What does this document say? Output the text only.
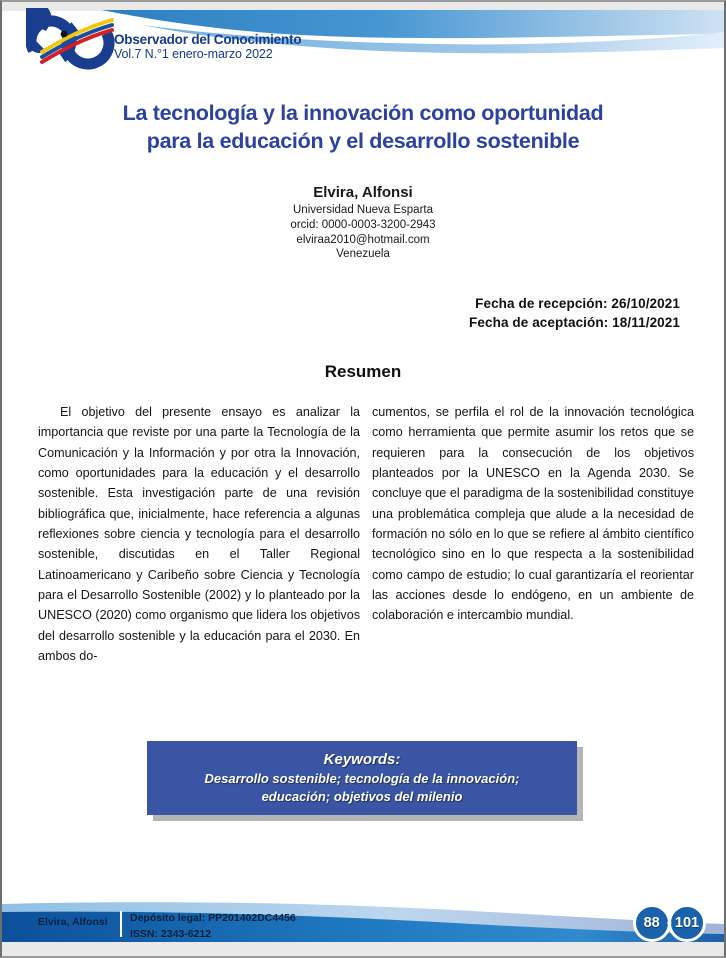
Observador del Conocimiento
Vol.7 N.°1 enero-marzo 2022
La tecnología y la innovación como oportunidad
para la educación y el desarrollo sostenible
Elvira, Alfonsi
Universidad Nueva Esparta
orcid: 0000-0003-3200-2943
elviraa2010@hotmail.com
Venezuela
Fecha de recepción: 26/10/2021
Fecha de aceptación: 18/11/2021
Resumen
El objetivo del presente ensayo es analizar la importancia que reviste por una parte la Tecnología de la Comunicación y la Información y por otra la Innovación, como oportunidades para la educación y el desarrollo sostenible. Esta investigación parte de una revisión bibliográfica que, inicialmente, hace referencia a algunas reflexiones sobre ciencia y tecnología para el desarrollo sostenible, discutidas en el Taller Regional Latinoamericano y Caribeño sobre Ciencia y Tecnología para el Desarrollo Sostenible (2002) y lo planteado por la UNESCO (2020) como organismo que lidera los objetivos del desarrollo sostenible y la educación para el 2030. En ambos do-
cumentos, se perfila el rol de la innovación tecnológica como herramienta que permite asumir los retos que se requieren para la consecución de los objetivos planteados por la UNESCO en la Agenda 2030. Se concluye que el paradigma de la sostenibilidad constituye una problemática compleja que alude a la necesidad de formación no sólo en lo que se refiere al ámbito científico tecnológico sino en lo que respecta a la sostenibilidad como campo de estudio; lo cual garantizaría el reorientar las acciones desde lo endógeno, en un ambiente de colaboración e intercambio mundial.
Keywords:
Desarrollo sostenible; tecnología de la innovación;
educación; objetivos del milenio
Elvira, Alfonsi Depósito legal: PP201402DC4456
ISSN: 2343-6212
88 - 101
